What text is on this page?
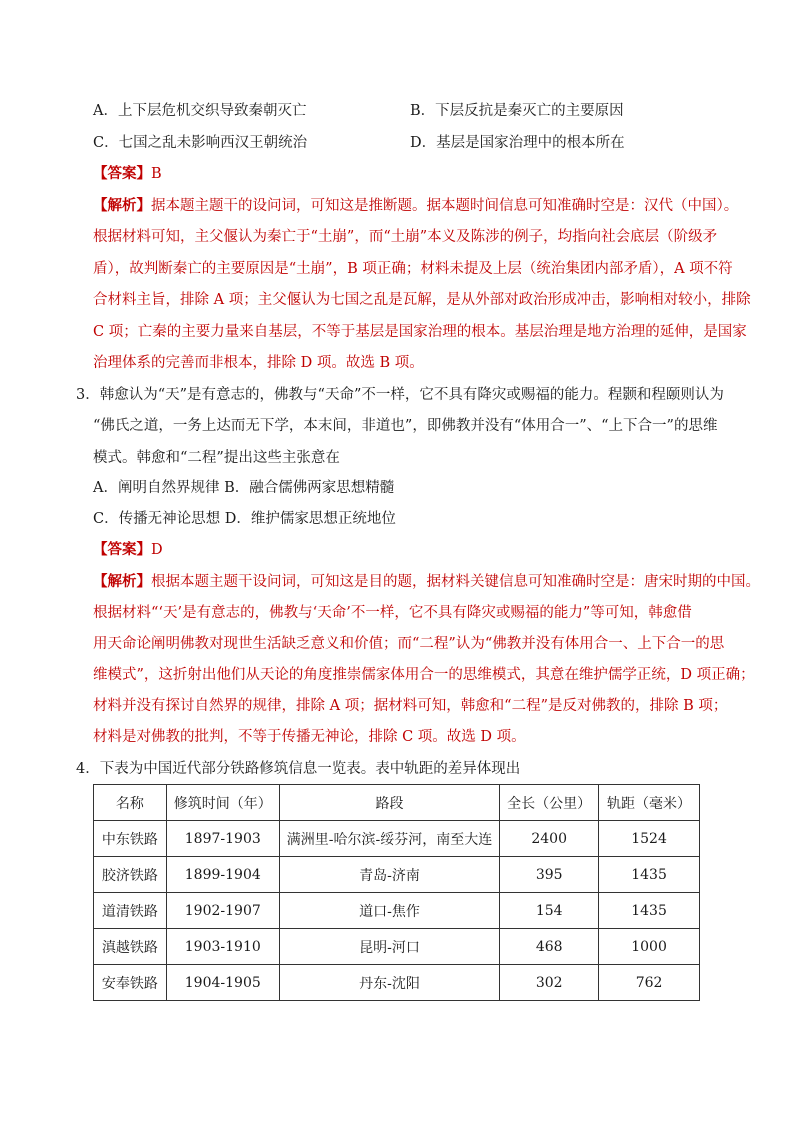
A．上下层危机交织导致秦朝灭亡	B．下层反抗是秦灭亡的主要原因
C．七国之乱未影响西汉王朝统治	D．基层是国家治理中的根本所在
【答案】B
【解析】据本题主题干的设问词，可知这是推断题。据本题时间信息可知准确时空是：汉代（中国）。
根据材料可知，主父偃认为秦亡于“土崩”，而“土崩”本义及陈涉的例子，均指向社会底层（阶级矛
盾），故判断秦亡的主要原因是“土崩”，B 项正确；材料未提及上层（统治集团内部矛盾），A 项不符
合材料主旨，排除 A 项；主父偃认为七国之乱是瓦解，是从外部对政治形成冲击，影响相对较小，排除
C 项；亡秦的主要力量来自基层，不等于基层是国家治理的根本。基层治理是地方治理的延伸，是国家
治理体系的完善而非根本，排除 D 项。故选 B 项。
3．韩愈认为“天”是有意志的，佛教与“天命”不一样，它不具有降灾或赐福的能力。程颢和程颐则认为
“佛氏之道，一务上达而无下学，本末间，非道也”，即佛教并没有“体用合一”、“上下合一”的思维
模式。韩愈和“二程”提出这些主张意在
A．阐明自然界规律 B．融合儒佛两家思想精髓
C．传播无神论思想 D．维护儒家思想正统地位
【答案】D
【解析】根据本题主题干设问词，可知这是目的题，据材料关键信息可知准确时空是：唐宋时期的中国。
根据材料“‘天’是有意志的，佛教与‘天命’不一样，它不具有降灾或赐福的能力”等可知，韩愈借
用天命论阐明佛教对现世生活缺乏意义和价值；而“二程”认为“佛教并没有体用合一、上下合一的思
维模式”，这折射出他们从天论的角度推崇儒家体用合一的思维模式，其意在维护儒学正统，D 项正确；
材料并没有探讨自然界的规律，排除 A 项；据材料可知，韩愈和“二程”是反对佛教的，排除 B 项；
材料是对佛教的批判，不等于传播无神论，排除 C 项。故选 D 项。
4．下表为中国近代部分铁路修筑信息一览表。表中轨距的差异体现出
名称	修筑时间（年）	路段	全长（公里）	轨距（毫米）
中东铁路	1897-1903	满洲里-哈尔滨-绥芬河，南至大连	2400	1524
胶济铁路	1899-1904	青岛-济南	395	1435
道清铁路	1902-1907	道口-焦作	154	1435
滇越铁路	1903-1910	昆明-河口	468	1000
安奉铁路	1904-1905	丹东-沈阳	302	762
